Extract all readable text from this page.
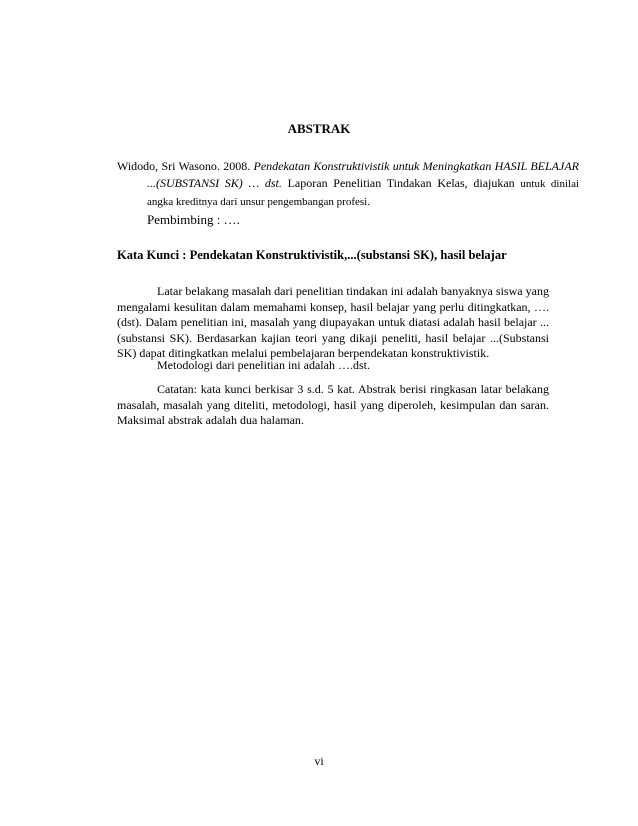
ABSTRAK
Widodo, Sri Wasono. 2008. Pendekatan Konstruktivistik untuk Meningkatkan HASIL BELAJAR ...(SUBSTANSI SK) … dst. Laporan Penelitian Tindakan Kelas, diajukan untuk dinilai angka kreditnya dari unsur pengembangan profesi.
Pembimbing : ….
Kata Kunci : Pendekatan Konstruktivistik,...(substansi SK), hasil belajar
Latar belakang masalah dari penelitian tindakan ini adalah banyaknya siswa yang mengalami kesulitan dalam memahami konsep, hasil belajar yang perlu ditingkatkan, ….(dst). Dalam penelitian ini, masalah yang diupayakan untuk diatasi adalah hasil belajar ...(substansi SK). Berdasarkan kajian teori yang dikaji peneliti, hasil belajar ...(Substansi SK) dapat ditingkatkan melalui pembelajaran berpendekatan konstruktivistik.
Metodologi dari penelitian ini adalah ….dst.
Catatan: kata kunci berkisar 3 s.d. 5 kat. Abstrak berisi ringkasan latar belakang masalah, masalah yang diteliti, metodologi, hasil yang diperoleh, kesimpulan dan saran. Maksimal abstrak adalah dua halaman.
vi
